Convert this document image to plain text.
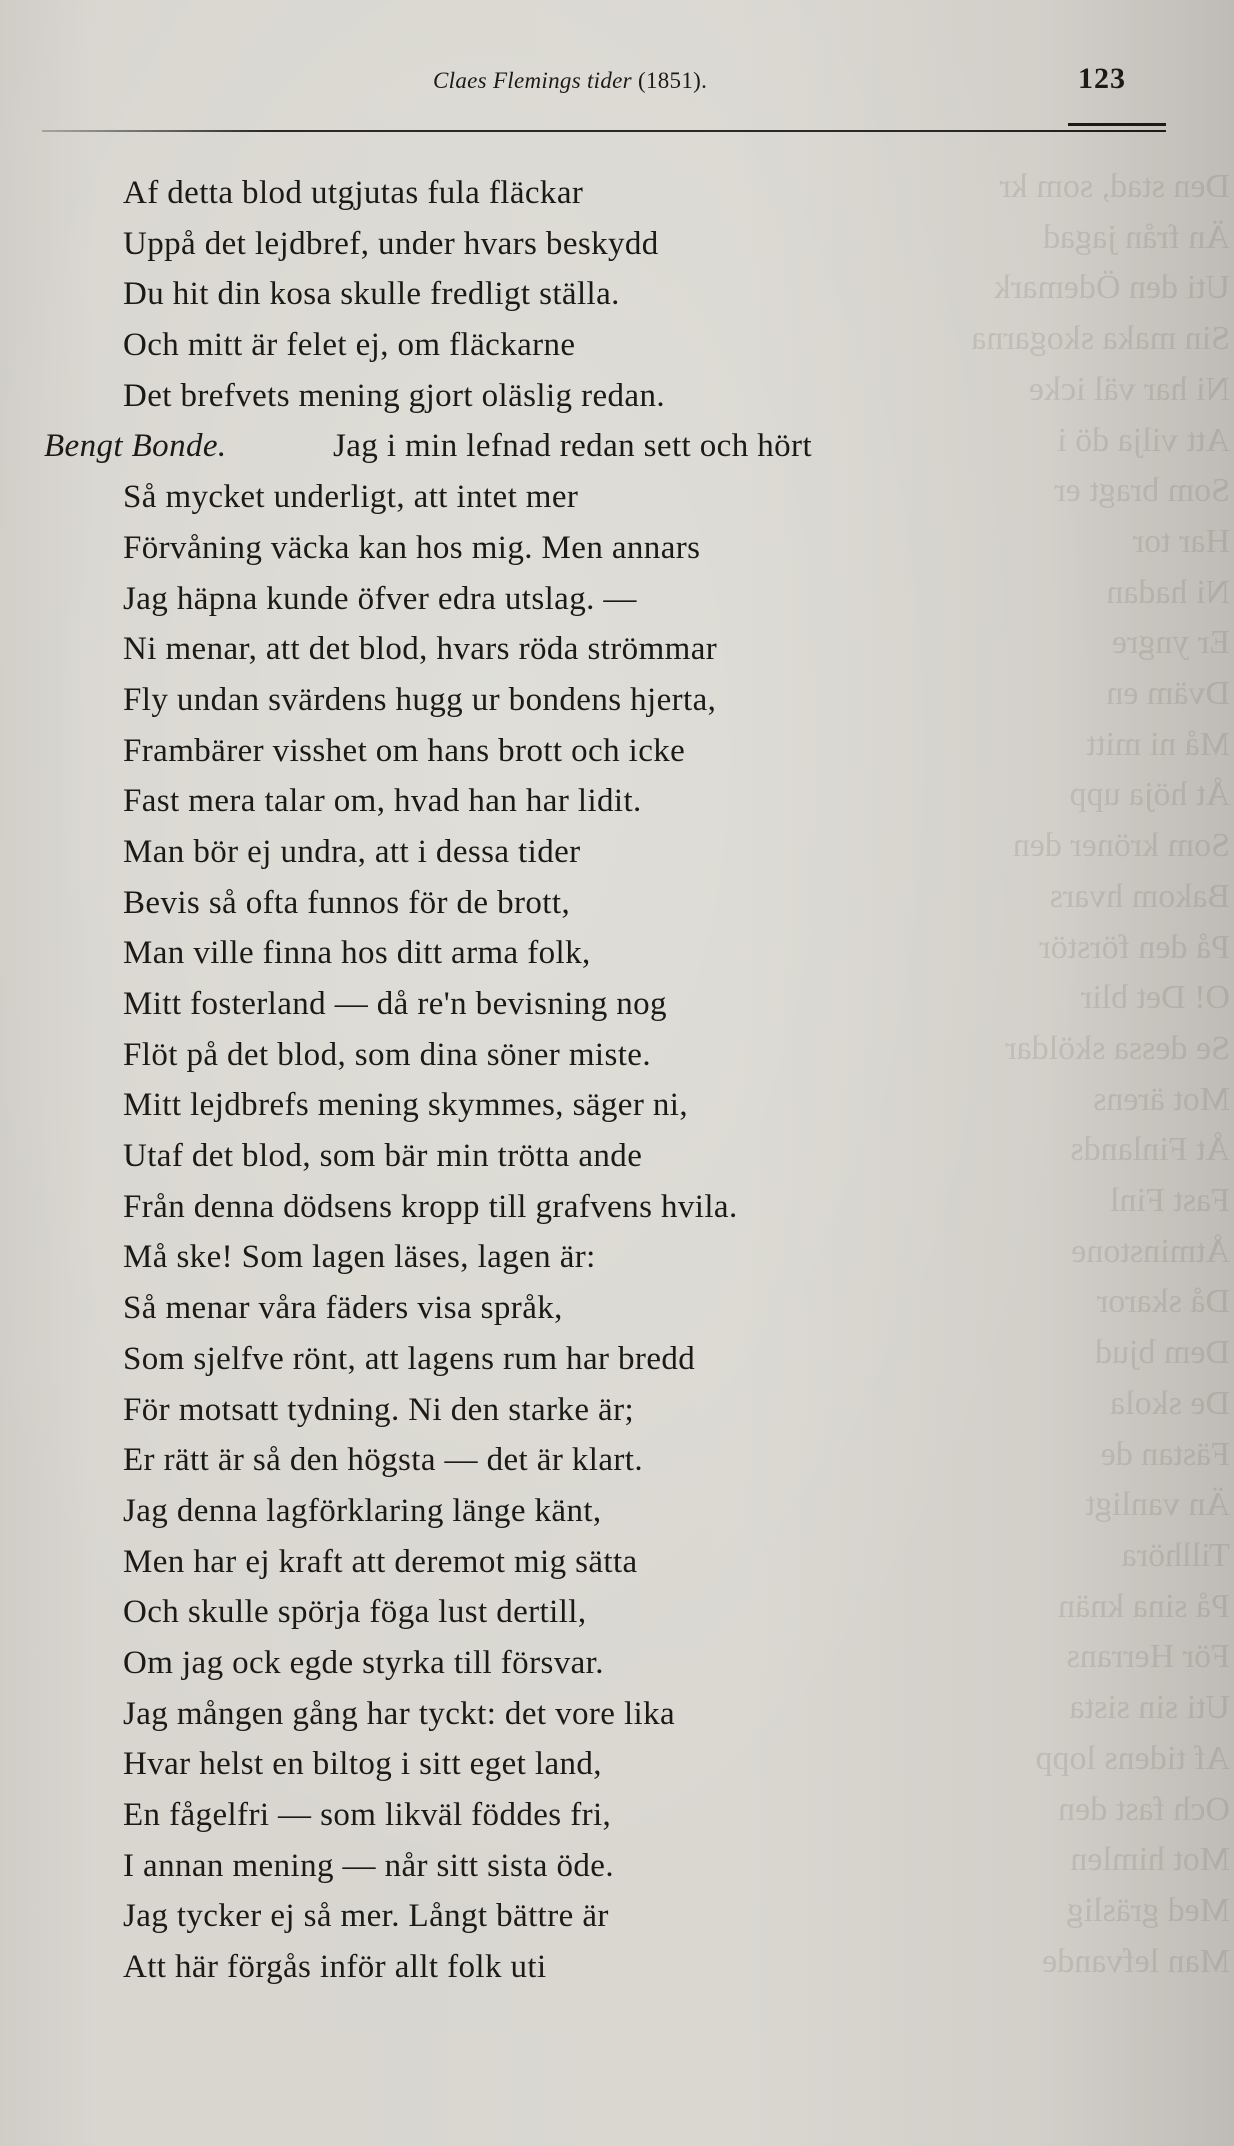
Den stad, som kr
Än från jagad
Uti den Ödemark
Sin maka skogarna
Ni har väl icke
Att vilja dö i
Som bragt er
Har tor
Ni hadan
Er yngre
Dväm en
Må ni mitt
Åt höja upp
Som kröner den
Bakom hvars
På den förstör
O! Det blir
Se dessa sköldar
Mot ärens
Åt Finlands
Fast Finl
Åtminstone
Då skaror
Dem bjud
De skola
Fästan de
Än vanligt
Tillhöra
På sina knän
För Herrans
Uti sin sista
Af tidens lopp
Och fast den
Mot himlen
Med gräslig
Man lefvande
Claes Flemings tider (1851).	123
Af detta blod utgjutas fula fläckar
Uppå det lejdbref, under hvars beskydd
Du hit din kosa skulle fredligt ställa.
Och mitt är felet ej, om fläckarne
Det brefvets mening gjort oläslig redan.
Bengt Bonde.	Jag i min lefnad redan sett och hört
Så mycket underligt, att intet mer
Förvåning väcka kan hos mig. Men annars
Jag häpna kunde öfver edra utslag. —
Ni menar, att det blod, hvars röda strömmar
Fly undan svärdens hugg ur bondens hjerta,
Frambärer visshet om hans brott och icke
Fast mera talar om, hvad han har lidit.
Man bör ej undra, att i dessa tider
Bevis så ofta funnos för de brott,
Man ville finna hos ditt arma folk,
Mitt fosterland — då re'n bevisning nog
Flöt på det blod, som dina söner miste.
Mitt lejdbrefs mening skymmes, säger ni,
Utaf det blod, som bär min trötta ande
Från denna dödsens kropp till grafvens hvila.
Må ske! Som lagen läses, lagen är:
Så menar våra fäders visa språk,
Som sjelfve rönt, att lagens rum har bredd
För motsatt tydning. Ni den starke är;
Er rätt är så den högsta — det är klart.
Jag denna lagförklaring länge känt,
Men har ej kraft att deremot mig sätta
Och skulle spörja föga lust dertill,
Om jag ock egde styrka till försvar.
Jag mången gång har tyckt: det vore lika
Hvar helst en biltog i sitt eget land,
En fågelfri — som likväl föddes fri,
I annan mening — når sitt sista öde.
Jag tycker ej så mer. Långt bättre är
Att här förgås inför allt folk uti
